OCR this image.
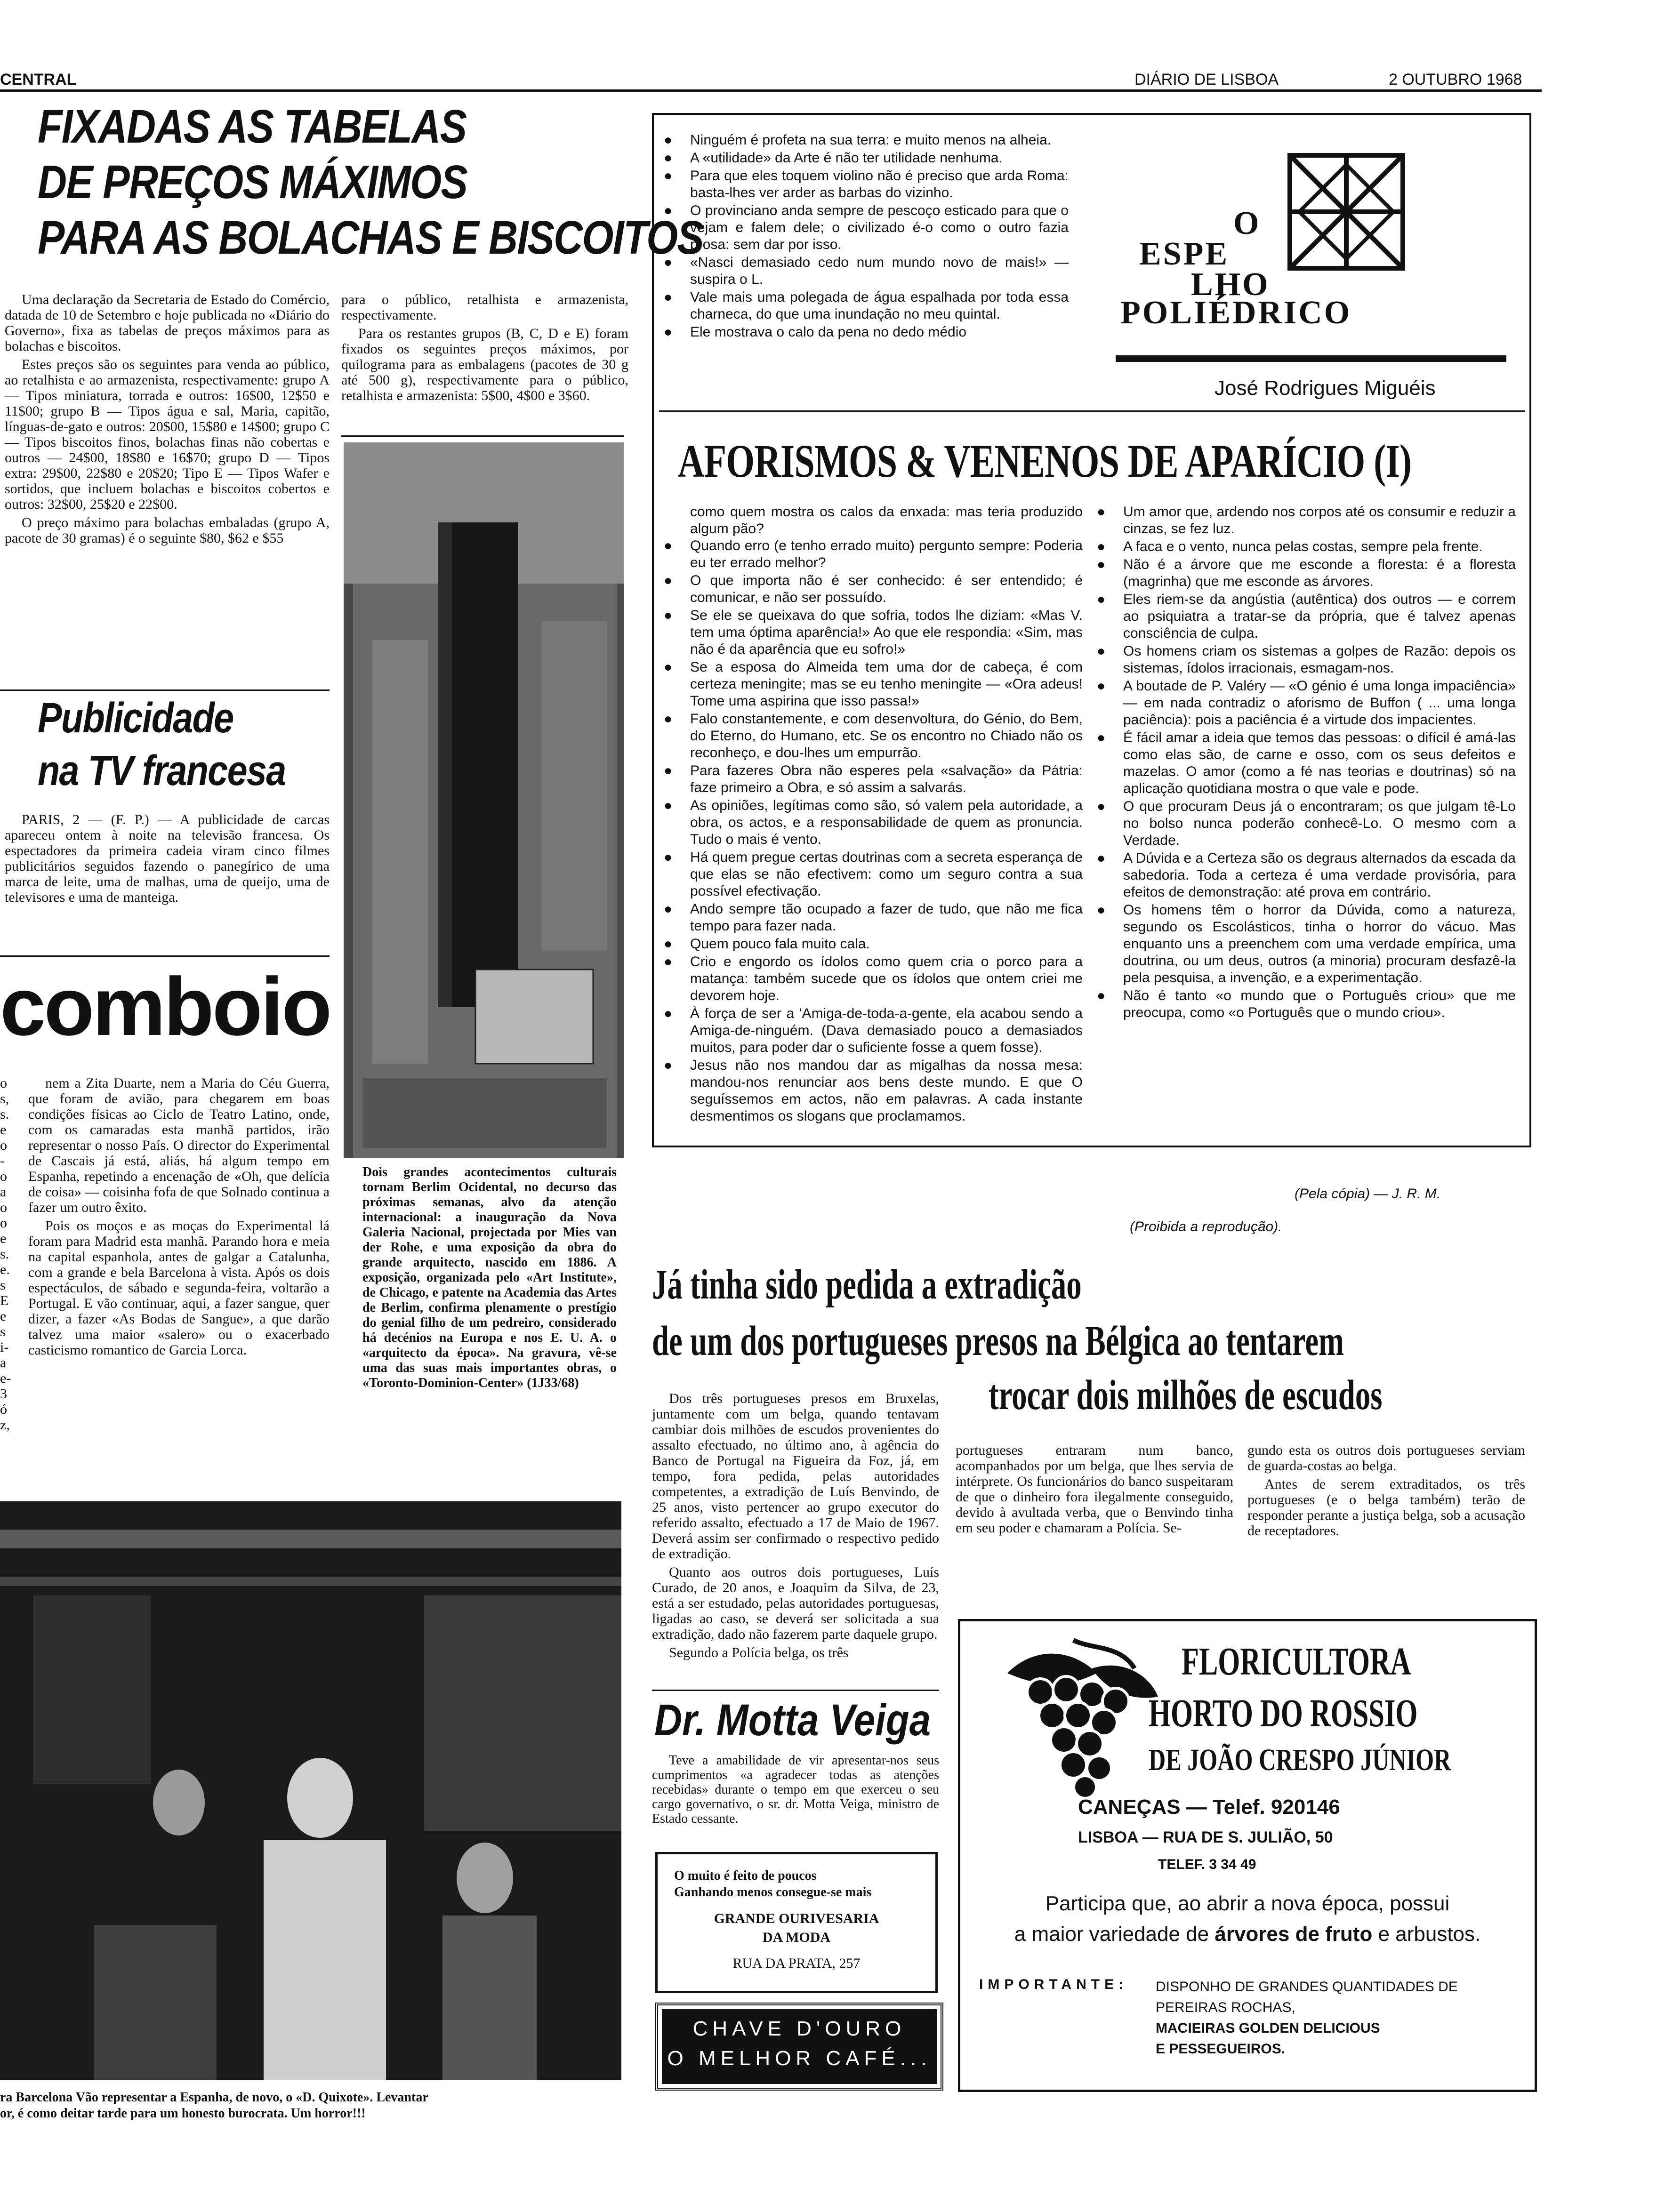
CENTRAL	DIÁRIO DE LISBOA	2 OUTUBRO 1968
FIXADAS AS TABELAS
DE PREÇOS MÁXIMOS
PARA AS BOLACHAS E BISCOITOS

Uma declaração da Secretaria de Estado do Comércio, datada de 10 de Setembro e hoje publicada no «Diário do Governo», fixa as tabelas de preços máximos para as bolachas e biscoitos.

Estes preços são os seguintes para venda ao público, ao retalhista e ao armazenista, respectivamente: grupo A — Tipos miniatura, torrada e outros: 16$00, 12$50 e 11$00; grupo B — Tipos água e sal, Maria, capitão, línguas-de-gato e outros: 20$00, 15$80 e 14$00; grupo C — Tipos biscoitos finos, bolachas finas não cobertas e outros — 24$00, 18$80 e 16$70; grupo D — Tipos extra: 29$00, 22$80 e 20$20; Tipo E — Tipos Wafer e sortidos, que incluem bolachas e biscoitos cobertos e outros: 32$00, 25$20 e 22$00.

O preço máximo para bolachas embaladas (grupo A, pacote de 30 gramas) é o seguinte $80, $62 e $55

para o público, retalhista e armazenista, respectivamente.

Para os restantes grupos (B, C, D e E) foram fixados os seguintes preços máximos, por quilograma para as embalagens (pacotes de 30 g até 500 g), respectivamente para o público, retalhista e armazenista: 5$00, 4$00 e 3$60.

Dois grandes acontecimentos culturais tornam Berlim Ocidental, no decurso das próximas semanas, alvo da atenção internacional: a inauguração da Nova Galeria Nacional, projectada por Mies van der Rohe, e uma exposição da obra do grande arquitecto, nascido em 1886. A exposição, organizada pelo «Art Institute», de Chicago, e patente na Academia das Artes de Berlim, confirma plenamente o prestígio do genial filho de um pedreiro, considerado há decénios na Europa e nos E. U. A. o «arquitecto da época». Na gravura, vê-se uma das suas mais importantes obras, o «Toronto-Dominion-Center» (1J33/68)
Publicidade
na TV francesa

PARIS, 2 — (F. P.) — A publicidade de carcas apareceu ontem à noite na televisão francesa. Os espectadores da primeira cadeia viram cinco filmes publicitários seguidos fazendo o panegírico de uma marca de leite, uma de malhas, uma de queijo, uma de televisores e uma de manteiga.

comboio
o
s,
s.
e
o
-
o
a
o
o
e
s.
e.
s
E
e
s
i-
a
e-
3
ó
z,

nem a Zita Duarte, nem a Maria do Céu Guerra, que foram de avião, para chegarem em boas condições físicas ao Ciclo de Teatro Latino, onde, com os camaradas esta manhã partidos, irão representar o nosso País. O director do Experimental de Cascais já está, aliás, há algum tempo em Espanha, repetindo a encenação de «Oh, que delícia de coisa» — coisinha fofa de que Solnado continua a fazer um outro êxito.

Pois os moços e as moças do Experimental lá foram para Madrid esta manhã. Parando hora e meia na capital espanhola, antes de galgar a Catalunha, com a grande e bela Barcelona à vista. Após os dois espectáculos, de sábado e segunda-feira, voltarão a Portugal. E vão continuar, aqui, a fazer sangue, quer dizer, a fazer «As Bodas de Sangue», a que darão talvez uma maior «salero» ou o exacerbado casticismo romantico de Garcia Lorca.

ra Barcelona Vão representar a Espanha, de novo, o «D. Quixote». Levantar
or, é como deitar tarde para um honesto burocrata. Um horror!!!
● Ninguém é profeta na sua terra: e muito menos na alheia.
● A «utilidade» da Arte é não ter utilidade nenhuma.
● Para que eles toquem violino não é preciso que arda Roma: basta-lhes ver arder as barbas do vizinho.
● O provinciano anda sempre de pescoço esticado para que o vejam e falem dele; o civilizado é-o como o outro fazia prosa: sem dar por isso.
● «Nasci demasiado cedo num mundo novo de mais!» — suspira o L.
● Vale mais uma polegada de água espalhada por toda essa charneca, do que uma inundação no meu quintal.
● Ele mostrava o calo da pena no dedo médio
O
ESPE
LHO
POLIÉDRICO
José Rodrigues Miguéis
AFORISMOS & VENENOS DE APARÍCIO (I)
como quem mostra os calos da enxada: mas teria produzido algum pão?
● Quando erro (e tenho errado muito) pergunto sempre: Poderia eu ter errado melhor?
● O que importa não é ser conhecido: é ser entendido; é comunicar, e não ser possuído.
● Se ele se queixava do que sofria, todos lhe diziam: «Mas V. tem uma óptima aparência!» Ao que ele respondia: «Sim, mas não é da aparência que eu sofro!»
● Se a esposa do Almeida tem uma dor de cabeça, é com certeza meningite; mas se eu tenho meningite — «Ora adeus! Tome uma aspirina que isso passa!»
● Falo constantemente, e com desenvoltura, do Génio, do Bem, do Eterno, do Humano, etc. Se os encontro no Chiado não os reconheço, e dou-lhes um empurrão.
● Para fazeres Obra não esperes pela «salvação» da Pátria: faze primeiro a Obra, e só assim a salvarás.
● As opiniões, legítimas como são, só valem pela autoridade, a obra, os actos, e a responsabilidade de quem as pronuncia. Tudo o mais é vento.
● Há quem pregue certas doutrinas com a secreta esperança de que elas se não efectivem: como um seguro contra a sua possível efectivação.
● Ando sempre tão ocupado a fazer de tudo, que não me fica tempo para fazer nada.
● Quem pouco fala muito cala.
● Crio e engordo os ídolos como quem cria o porco para a matança: também sucede que os ídolos que ontem criei me devorem hoje.
● À força de ser a 'Amiga-de-toda-a-gente, ela acabou sendo a Amiga-de-ninguém. (Dava demasiado pouco a demasiados muitos, para poder dar o suficiente fosse a quem fosse).
● Jesus não nos mandou dar as migalhas da nossa mesa: mandou-nos renunciar aos bens deste mundo. E que O seguíssemos em actos, não em palavras. A cada instante desmentimos os slogans que proclamamos.
● Um amor que, ardendo nos corpos até os consumir e reduzir a cinzas, se fez luz.
● A faca e o vento, nunca pelas costas, sempre pela frente.
● Não é a árvore que me esconde a floresta: é a floresta (magrinha) que me esconde as árvores.
● Eles riem-se da angústia (autêntica) dos outros — e correm ao psiquiatra a tratar-se da própria, que é talvez apenas consciência de culpa.
● Os homens criam os sistemas a golpes de Razão: depois os sistemas, ídolos irracionais, esmagam-nos.
● A boutade de P. Valéry — «O génio é uma longa impaciência» — em nada contradiz o aforismo de Buffon ( ... uma longa paciência): pois a paciência é a virtude dos impacientes.
● É fácil amar a ideia que temos das pessoas: o difícil é amá-las como elas são, de carne e osso, com os seus defeitos e mazelas. O amor (como a fé nas teorias e doutrinas) só na aplicação quotidiana mostra o que vale e pode.
● O que procuram Deus já o encontraram; os que julgam tê-Lo no bolso nunca poderão conhecê-Lo. O mesmo com a Verdade.
● A Dúvida e a Certeza são os degraus alternados da escada da sabedoria. Toda a certeza é uma verdade provisória, para efeitos de demonstração: até prova em contrário.
● Os homens têm o horror da Dúvida, como a natureza, segundo os Escolásticos, tinha o horror do vácuo. Mas enquanto uns a preenchem com uma verdade empírica, uma doutrina, ou um deus, outros (a minoria) procuram desfazê-la pela pesquisa, a invenção, e a experimentação.
● Não é tanto «o mundo que o Português criou» que me preocupa, como «o Português que o mundo criou».
(Pela cópia) — J. R. M.
(Proibida a reprodução).
Já tinha sido pedida a extradição
de um dos portugueses presos na Bélgica ao tentarem
trocar dois milhões de escudos

Dos três portugueses presos em Bruxelas, juntamente com um belga, quando tentavam cambiar dois milhões de escudos provenientes do assalto efectuado, no último ano, à agência do Banco de Portugal na Figueira da Foz, já, em tempo, fora pedida, pelas autoridades competentes, a extradição de Luís Benvindo, de 25 anos, visto pertencer ao grupo executor do referido assalto, efectuado a 17 de Maio de 1967. Deverá assim ser confirmado o respectivo pedido de extradição.

Quanto aos outros dois portugueses, Luís Curado, de 20 anos, e Joaquim da Silva, de 23, está a ser estudado, pelas autoridades portuguesas, ligadas ao caso, se deverá ser solicitada a sua extradição, dado não fazerem parte daquele grupo.

Segundo a Polícia belga, os três

portugueses entraram num banco, acompanhados por um belga, que lhes servia de intérprete. Os funcionários do banco suspeitaram de que o dinheiro fora ilegalmente conseguido, devido à avultada verba, que o Benvindo tinha em seu poder e chamaram a Polícia. Se-

gundo esta os outros dois portugueses serviam de guarda-costas ao belga.

Antes de serem extraditados, os três portugueses (e o belga também) terão de responder perante a justiça belga, sob a acusação de receptadores.

Dr. Motta Veiga

Teve a amabilidade de vir apresentar-nos seus cumprimentos «a agradecer todas as atenções recebidas» durante o tempo em que exerceu o seu cargo governativo, o sr. dr. Motta Veiga, ministro de Estado cessante.

O muito é feito de poucos
Ganhando menos consegue-se mais
GRANDE OURIVESARIA
DA MODA
RUA DA PRATA, 257
CHAVE D'OURO
O MELHOR CAFÉ...
FLORICULTORA
HORTO DO ROSSIO
DE JOÃO CRESPO JÚNIOR
CANEÇAS — Telef. 920146
LISBOA — RUA DE S. JULIÃO, 50
TELEF. 3 34 49
Participa que, ao abrir a nova época, possui
a maior variedade de árvores de fruto e arbustos.
IMPORTANTE: DISPONHO DE GRANDES QUANTIDADES DE PEREIRAS ROCHAS,
MACIEIRAS GOLDEN DELICIOUS
E PESSEGUEIROS.
